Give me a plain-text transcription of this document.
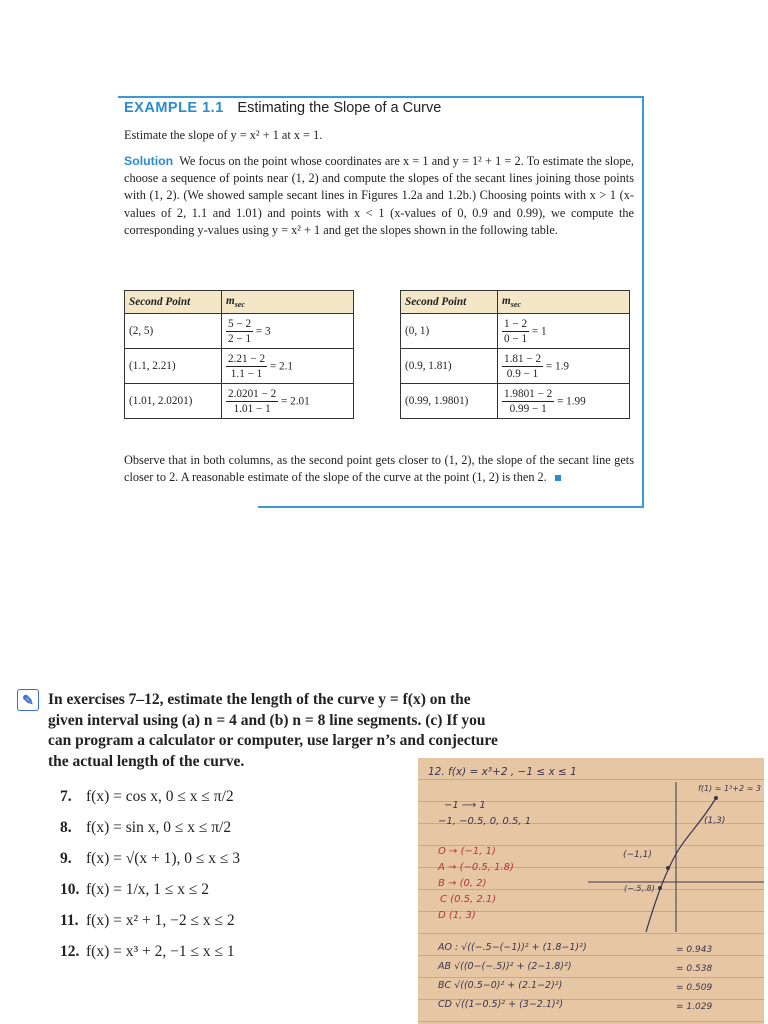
EXAMPLE 1.1 Estimating the Slope of a Curve
Estimate the slope of y = x² + 1 at x = 1.
Solution We focus on the point whose coordinates are x = 1 and y = 1² + 1 = 2. To estimate the slope, choose a sequence of points near (1, 2) and compute the slopes of the secant lines joining those points with (1, 2). (We showed sample secant lines in Figures 1.2a and 1.2b.) Choosing points with x > 1 (x-values of 2, 1.1 and 1.01) and points with x < 1 (x-values of 0, 0.9 and 0.99), we compute the corresponding y-values using y = x² + 1 and get the slopes shown in the following table.
Second Point	$m_{sec}$
(2, 5)	$\frac{5 - 2}{2 - 1} = 3$
(1.1, 2.21)	$\frac{2.21 - 2}{1.1 - 1} = 2.1$
(1.01, 2.0201)	$\frac{2.0201 - 2}{1.01 - 1} = 2.01$
Second Point	$m_{sec}$
(0, 1)	$\frac{1 - 2}{0 - 1} = 1$
(0.9, 1.81)	$\frac{1.81 - 2}{0.9 - 1} = 1.9$
(0.99, 1.9801)	$\frac{1.9801 - 2}{0.99 - 1} = 1.99$
Observe that in both columns, as the second point gets closer to (1, 2), the slope of the secant line gets closer to 2. A reasonable estimate of the slope of the curve at the point (1, 2) is then 2.
✎ In exercises 7–12, estimate the length of the curve y = f(x) on the given interval using (a) n = 4 and (b) n = 8 line segments. (c) If you can program a calculator or computer, use larger n’s and conjecture the actual length of the curve.
7. f(x) = cos x, 0 ≤ x ≤ π/2
8. f(x) = sin x, 0 ≤ x ≤ π/2
9. f(x) = √(x + 1), 0 ≤ x ≤ 3
10. f(x) = 1/x, 1 ≤ x ≤ 2
11. f(x) = x² + 1, −2 ≤ x ≤ 2
12. f(x) = x³ + 2, −1 ≤ x ≤ 1
12. f(x) = x³+2 , −1 ≤ x ≤ 1
f(1) = 1³+2 = 3
−1 ⟶ 1
−1, −0.5, 0, 0.5, 1
O → (−1, 1)
A → (−0.5, 1.8)
B → (0, 2)
C (0.5, 2.1)
D (1, 3)
(1,3)
(−1,1)
(−.5,.8)
AO : √((−.5−(−1))² + (1.8−1)²)	= 0.943
AB √((0−(−.5))² + (2−1.8)²)	= 0.538
BC √((0.5−0)² + (2.1−2)²)	= 0.509
CD √((1−0.5)² + (3−2.1)²)	= 1.029
